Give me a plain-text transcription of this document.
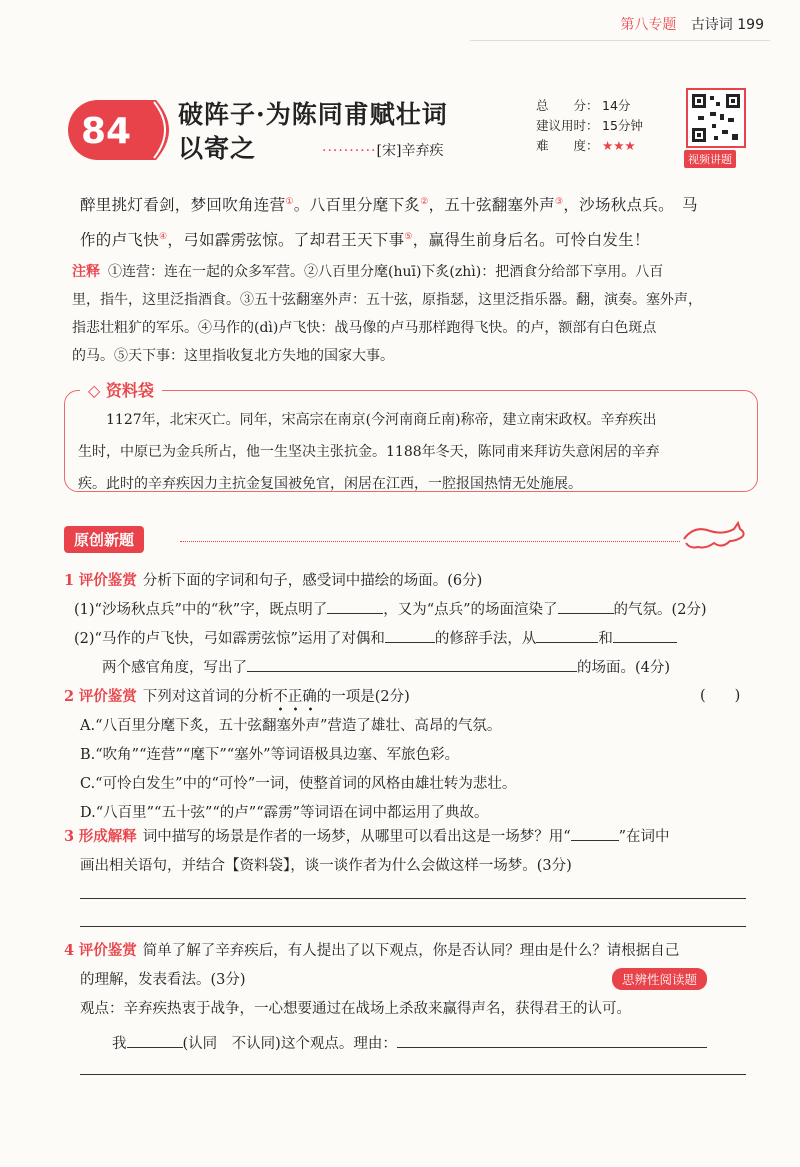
第八专题 古诗词 199
84 破阵子·为陈同甫赋壮词
以寄之	··········[宋]辛弃疾
总　　分： 14分
建议用时： 15分钟
难　　度： ★★★
视频讲题
醉里挑灯看剑，梦回吹角连营①。八百里分麾下炙②，五十弦翻塞外声③，沙场秋点兵。　马
作的卢飞快④，弓如霹雳弦惊。了却君王天下事⑤，赢得生前身后名。可怜白发生！
注释 ①连营：连在一起的众多军营。②八百里分麾(huī)下炙(zhì)：把酒食分给部下享用。八百
里，指牛，这里泛指酒食。③五十弦翻塞外声：五十弦，原指瑟，这里泛指乐器。翻，演奏。塞外声，
指悲壮粗犷的军乐。④马作的(dì)卢飞快：战马像的卢马那样跑得飞快。的卢，额部有白色斑点
的马。⑤天下事：这里指收复北方失地的国家大事。
◇ 资料袋
1127年，北宋灭亡。同年，宋高宗在南京(今河南商丘南)称帝，建立南宋政权。辛弃疾出
生时，中原已为金兵所占，他一生坚决主张抗金。1188年冬天，陈同甫来拜访失意闲居的辛弃
疾。此时的辛弃疾因力主抗金复国被免官，闲居在江西，一腔报国热情无处施展。
原创新题
1 评价鉴赏 分析下面的字词和句子，感受词中描绘的场面。(6分)
(1)“沙场秋点兵”中的“秋”字，既点明了	，又为“点兵”的场面渲染了	的气氛。(2分)
(2)“马作的卢飞快，弓如霹雳弦惊”运用了对偶和	的修辞手法，从	和
两个感官角度，写出了	的场面。(4分)
2 评价鉴赏 下列对这首词的分析不正确的一项是(2分)	(　　)
A.“八百里分麾下炙，五十弦翻塞外声”营造了雄壮、高昂的气氛。
B.“吹角”“连营”“麾下”“塞外”等词语极具边塞、军旅色彩。
C.“可怜白发生”中的“可怜”一词，使整首词的风格由雄壮转为悲壮。
D.“八百里”“五十弦”“的卢”“霹雳”等词语在词中都运用了典故。
3 形成解释 词中描写的场景是作者的一场梦，从哪里可以看出这是一场梦？用“	”在词中
画出相关语句，并结合【资料袋】，谈一谈作者为什么会做这样一场梦。(3分)
4 评价鉴赏 简单了解了辛弃疾后，有人提出了以下观点，你是否认同？理由是什么？请根据自己
的理解，发表看法。(3分)
观点：辛弃疾热衷于战争，一心想要通过在战场上杀敌来赢得声名，获得君王的认可。
我	(认同　不认同)这个观点。理由：
思辨性阅读题
